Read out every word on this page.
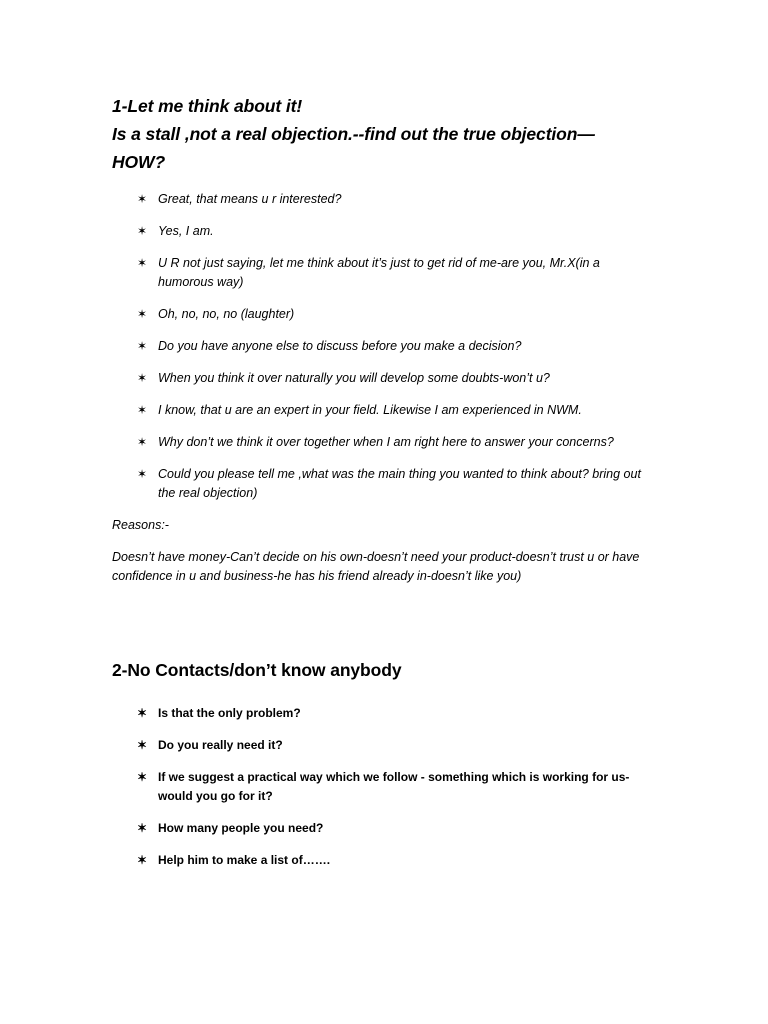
1-Let me think about it!
Is a stall ,not a real objection.--find out the true objection—
HOW?
✶ Great, that means u r interested?
✶ Yes, I am.
✶ U R not just saying, let me think about it’s just to get rid of me-are you, Mr.X(in a humorous way)
✶ Oh, no, no, no (laughter)
✶ Do you have anyone else to discuss before you make a decision?
✶ When you think it over naturally you will develop some doubts-won’t u?
✶ I know, that u are an expert in your field. Likewise I am experienced in NWM.
✶ Why don’t we think it over together when I am right here to answer your concerns?
✶ Could you please tell me ,what was the main thing you wanted to think about? bring out the real objection)

Reasons:-

Doesn’t have money-Can’t decide on his own-doesn’t need your product-doesn’t trust u or have confidence in u and business-he has his friend already in-doesn’t like you)

2-No Contacts/don’t know anybody
✶ Is that the only problem?
✶ Do you really need it?
✶ If we suggest a practical way which we follow - something which is working for us-would you go for it?
✶ How many people you need?
✶ Help him to make a list of…….
